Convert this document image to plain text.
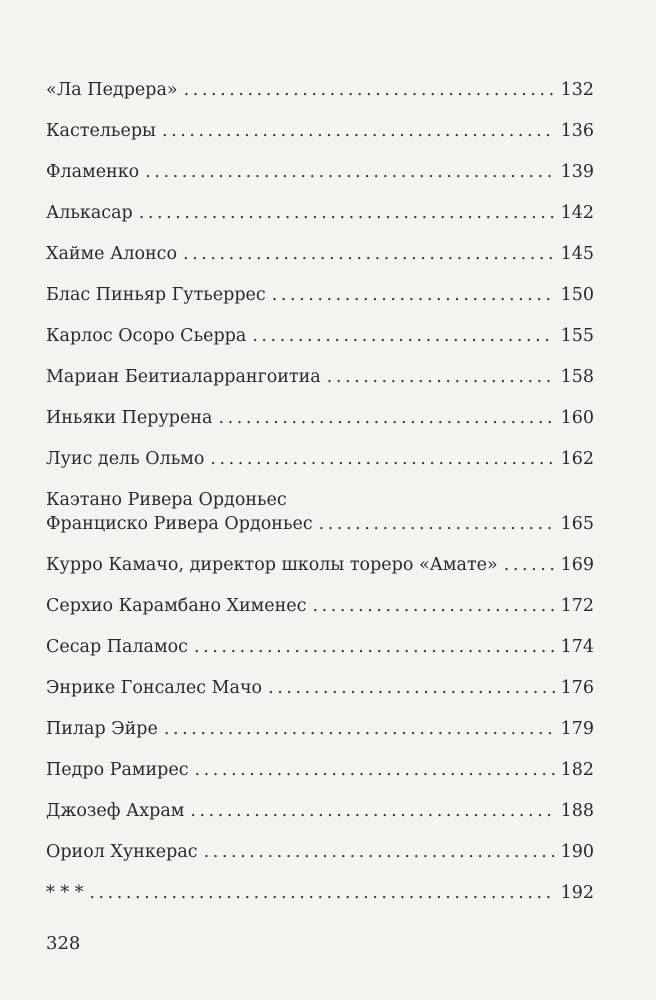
«Ла Педрера» . . .	132
Кастельеры . . .	136
Фламенко . . .	139
Алькасар . . .	142
Хайме Алонсо . . .	145
Блас Пиньяр Гутьеррес . . .	150
Карлос Осоро Сьерра . . .	155
Мариан Беитиаларрангоитиа . . .	158
Иньяки Перурена . . .	160
Луис дель Ольмо . . .	162
Каэтано Ривера Ордоньес
Франциско Ривера Ордоньес . . .	165
Курро Камачо, директор школы тореро «Амате» . . .	169
Серхио Карамбано Хименес . . .	172
Сесар Паламос . . .	174
Энрике Гонсалес Мачо . . .	176
Пилар Эйре . . .	179
Педро Рамирес . . .	182
Джозеф Ахрам . . .	188
Ориол Хункерас . . .	190
* * * . . .	192
328
